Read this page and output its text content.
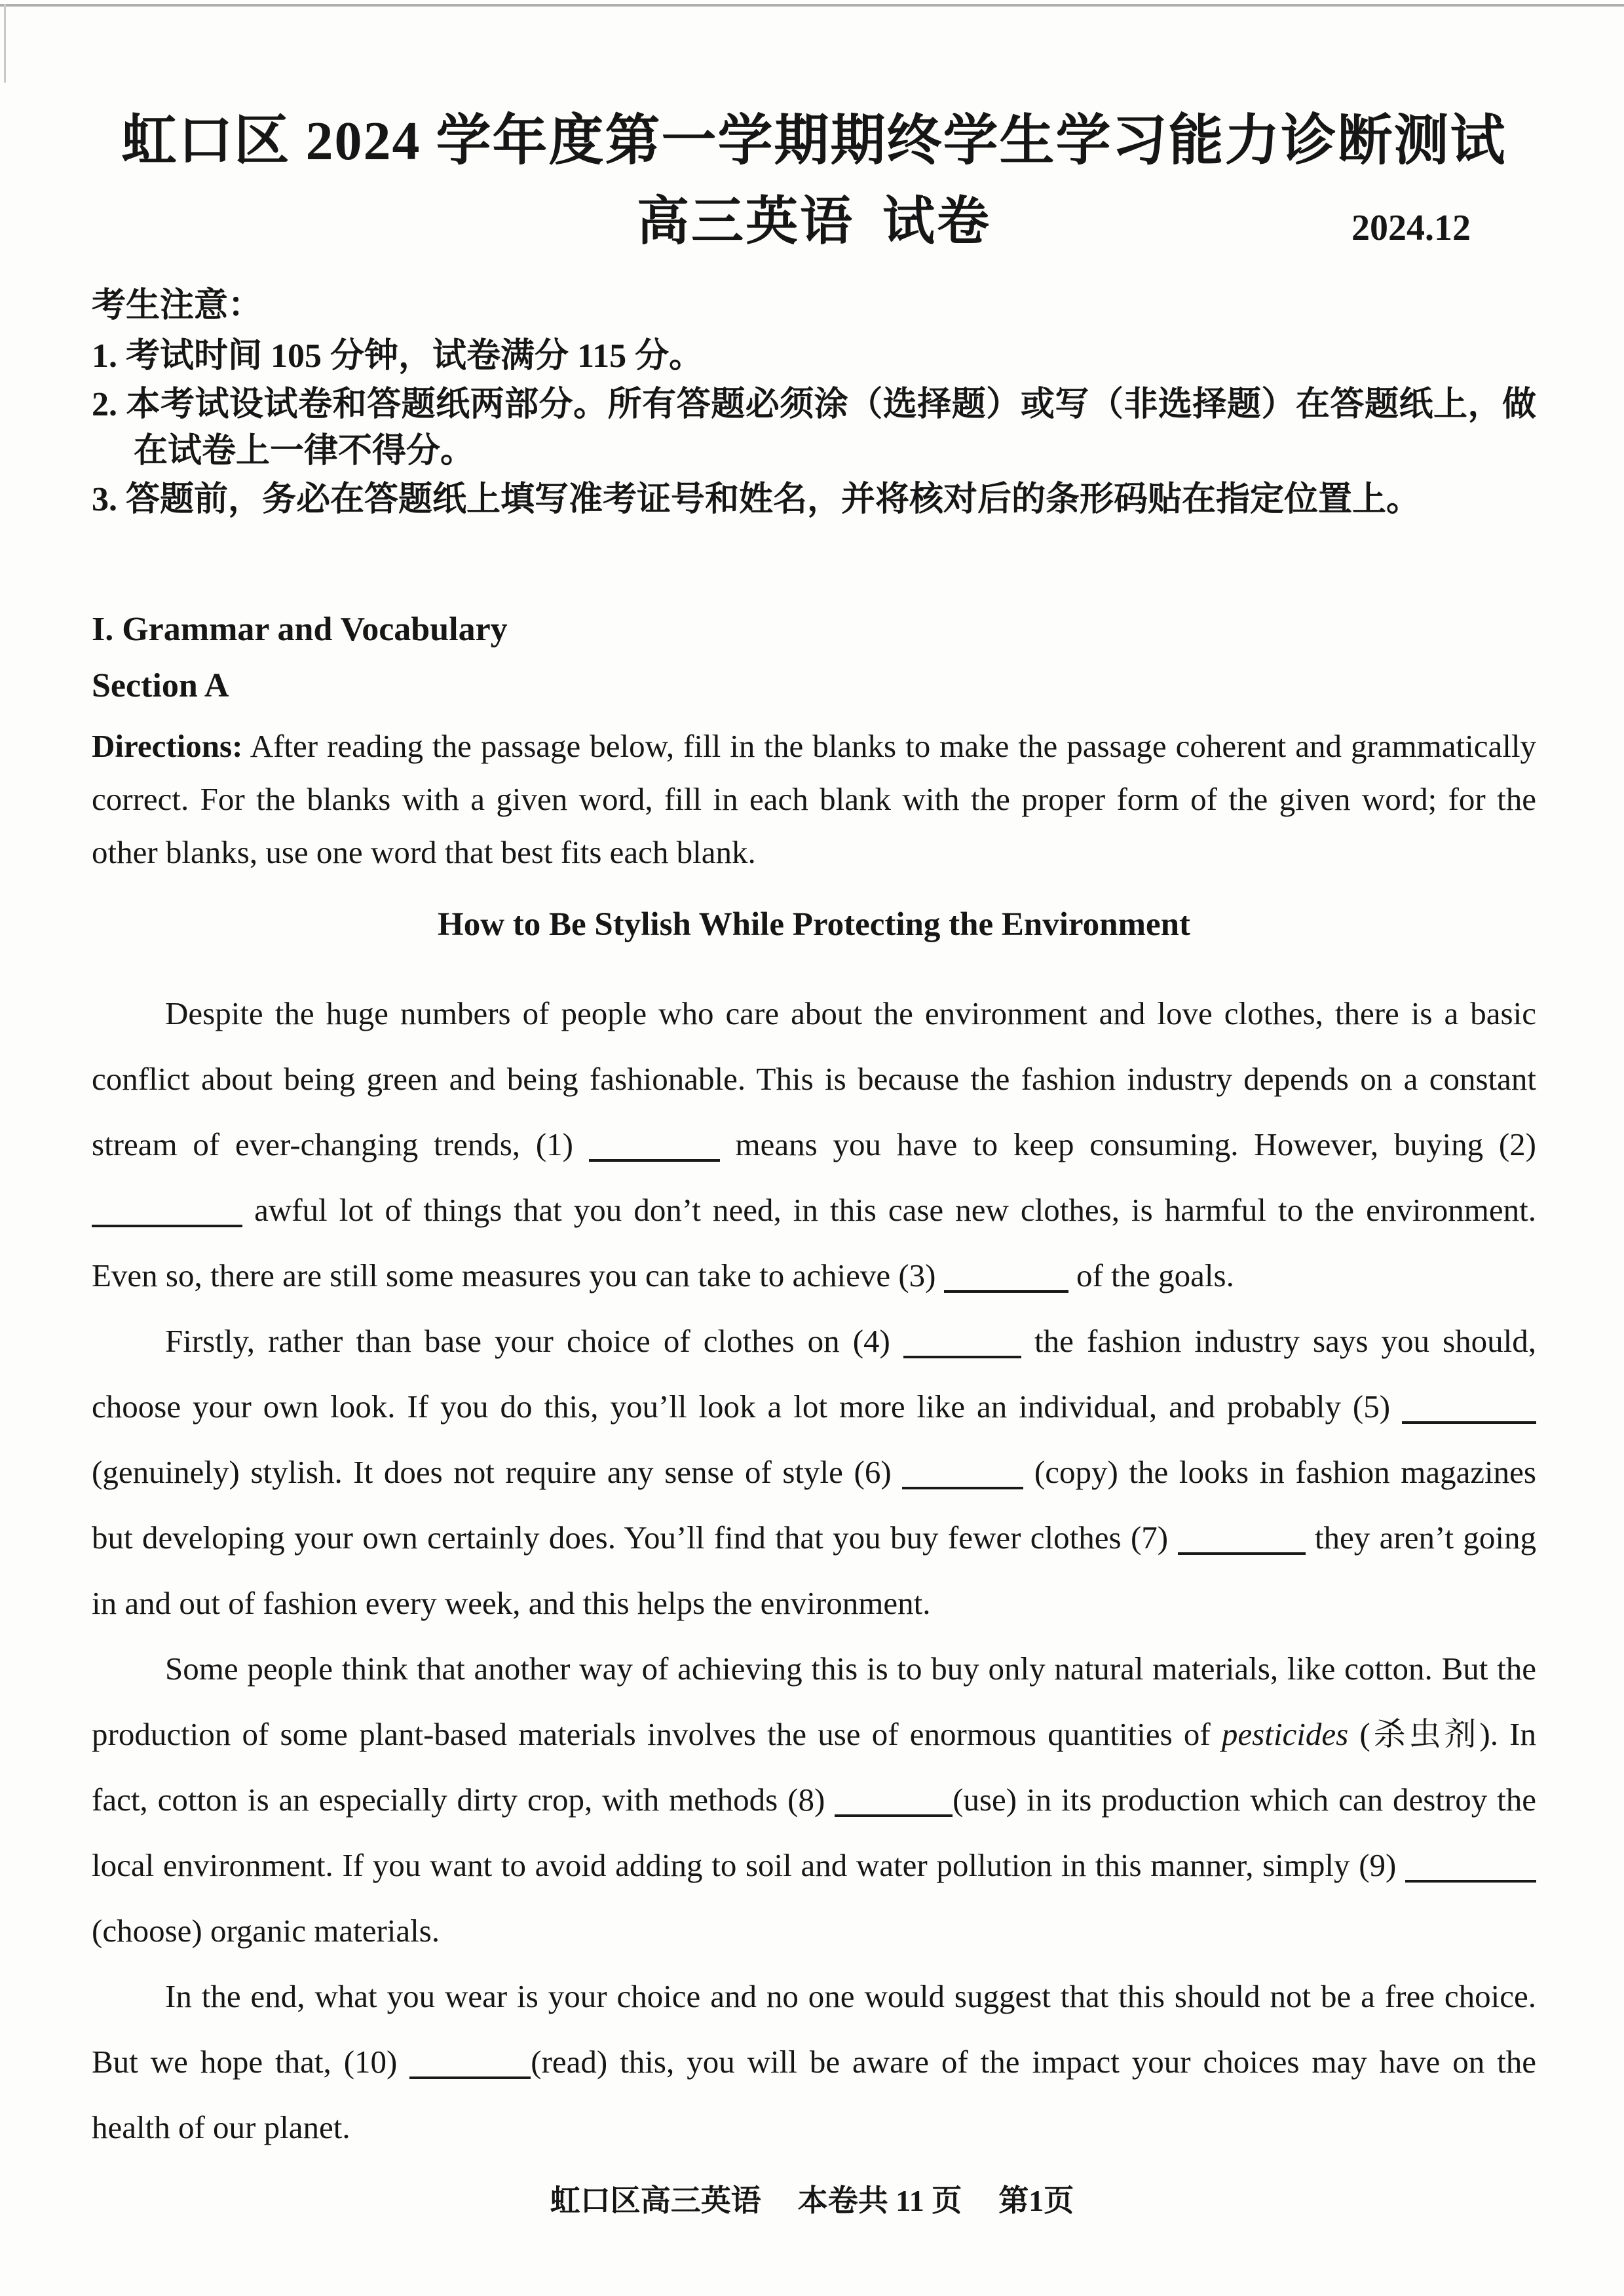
虹口区 2024 学年度第一学期期终学生学习能力诊断测试
高三英语 试卷	2024.12

考生注意：

1. 考试时间 105 分钟，试卷满分 115 分。

2. 本考试设试卷和答题纸两部分。所有答题必须涂（选择题）或写（非选择题）在答题纸上，做在试卷上一律不得分。

3. 答题前，务必在答题纸上填写准考证号和姓名，并将核对后的条形码贴在指定位置上。

I. Grammar and Vocabulary

Section A

Directions: After reading the passage below, fill in the blanks to make the passage coherent and grammatically correct. For the blanks with a given word, fill in each blank with the proper form of the given word; for the other blanks, use one word that best fits each blank.

How to Be Stylish While Protecting the Environment

Despite the huge numbers of people who care about the environment and love clothes, there is a basic conflict about being green and being fashionable. This is because the fashion industry depends on a constant stream of ever-changing trends, (1)	means you have to keep consuming. However, buying (2)  awful lot of things that you don’t need, in this case new clothes, is harmful to the environment. Even so, there are still some measures you can take to achieve (3)	of the goals.

Firstly, rather than base your choice of clothes on (4)	the fashion industry says you should, choose your own look. If you do this, you’ll look a lot more like an individual, and probably (5)  (genuinely) stylish. It does not require any sense of style (6)	(copy) the looks in fashion magazines but developing your own certainly does. You’ll find that you buy fewer clothes (7)	they aren’t going in and out of fashion every week, and this helps the environment.

Some people think that another way of achieving this is to buy only natural materials, like cotton. But the production of some plant-based materials involves the use of enormous quantities of pesticides (杀虫剂). In fact, cotton is an especially dirty crop, with methods (8)	(use) in its production which can destroy the local environment. If you want to avoid adding to soil and water pollution in this manner, simply (9) (choose) organic materials.

In the end, what you wear is your choice and no one would suggest that this should not be a free choice. But we hope that, (10)	(read) this, you will be aware of the impact your choices may have on the health of our planet.

虹口区高三英语 本卷共 11 页 第1页
